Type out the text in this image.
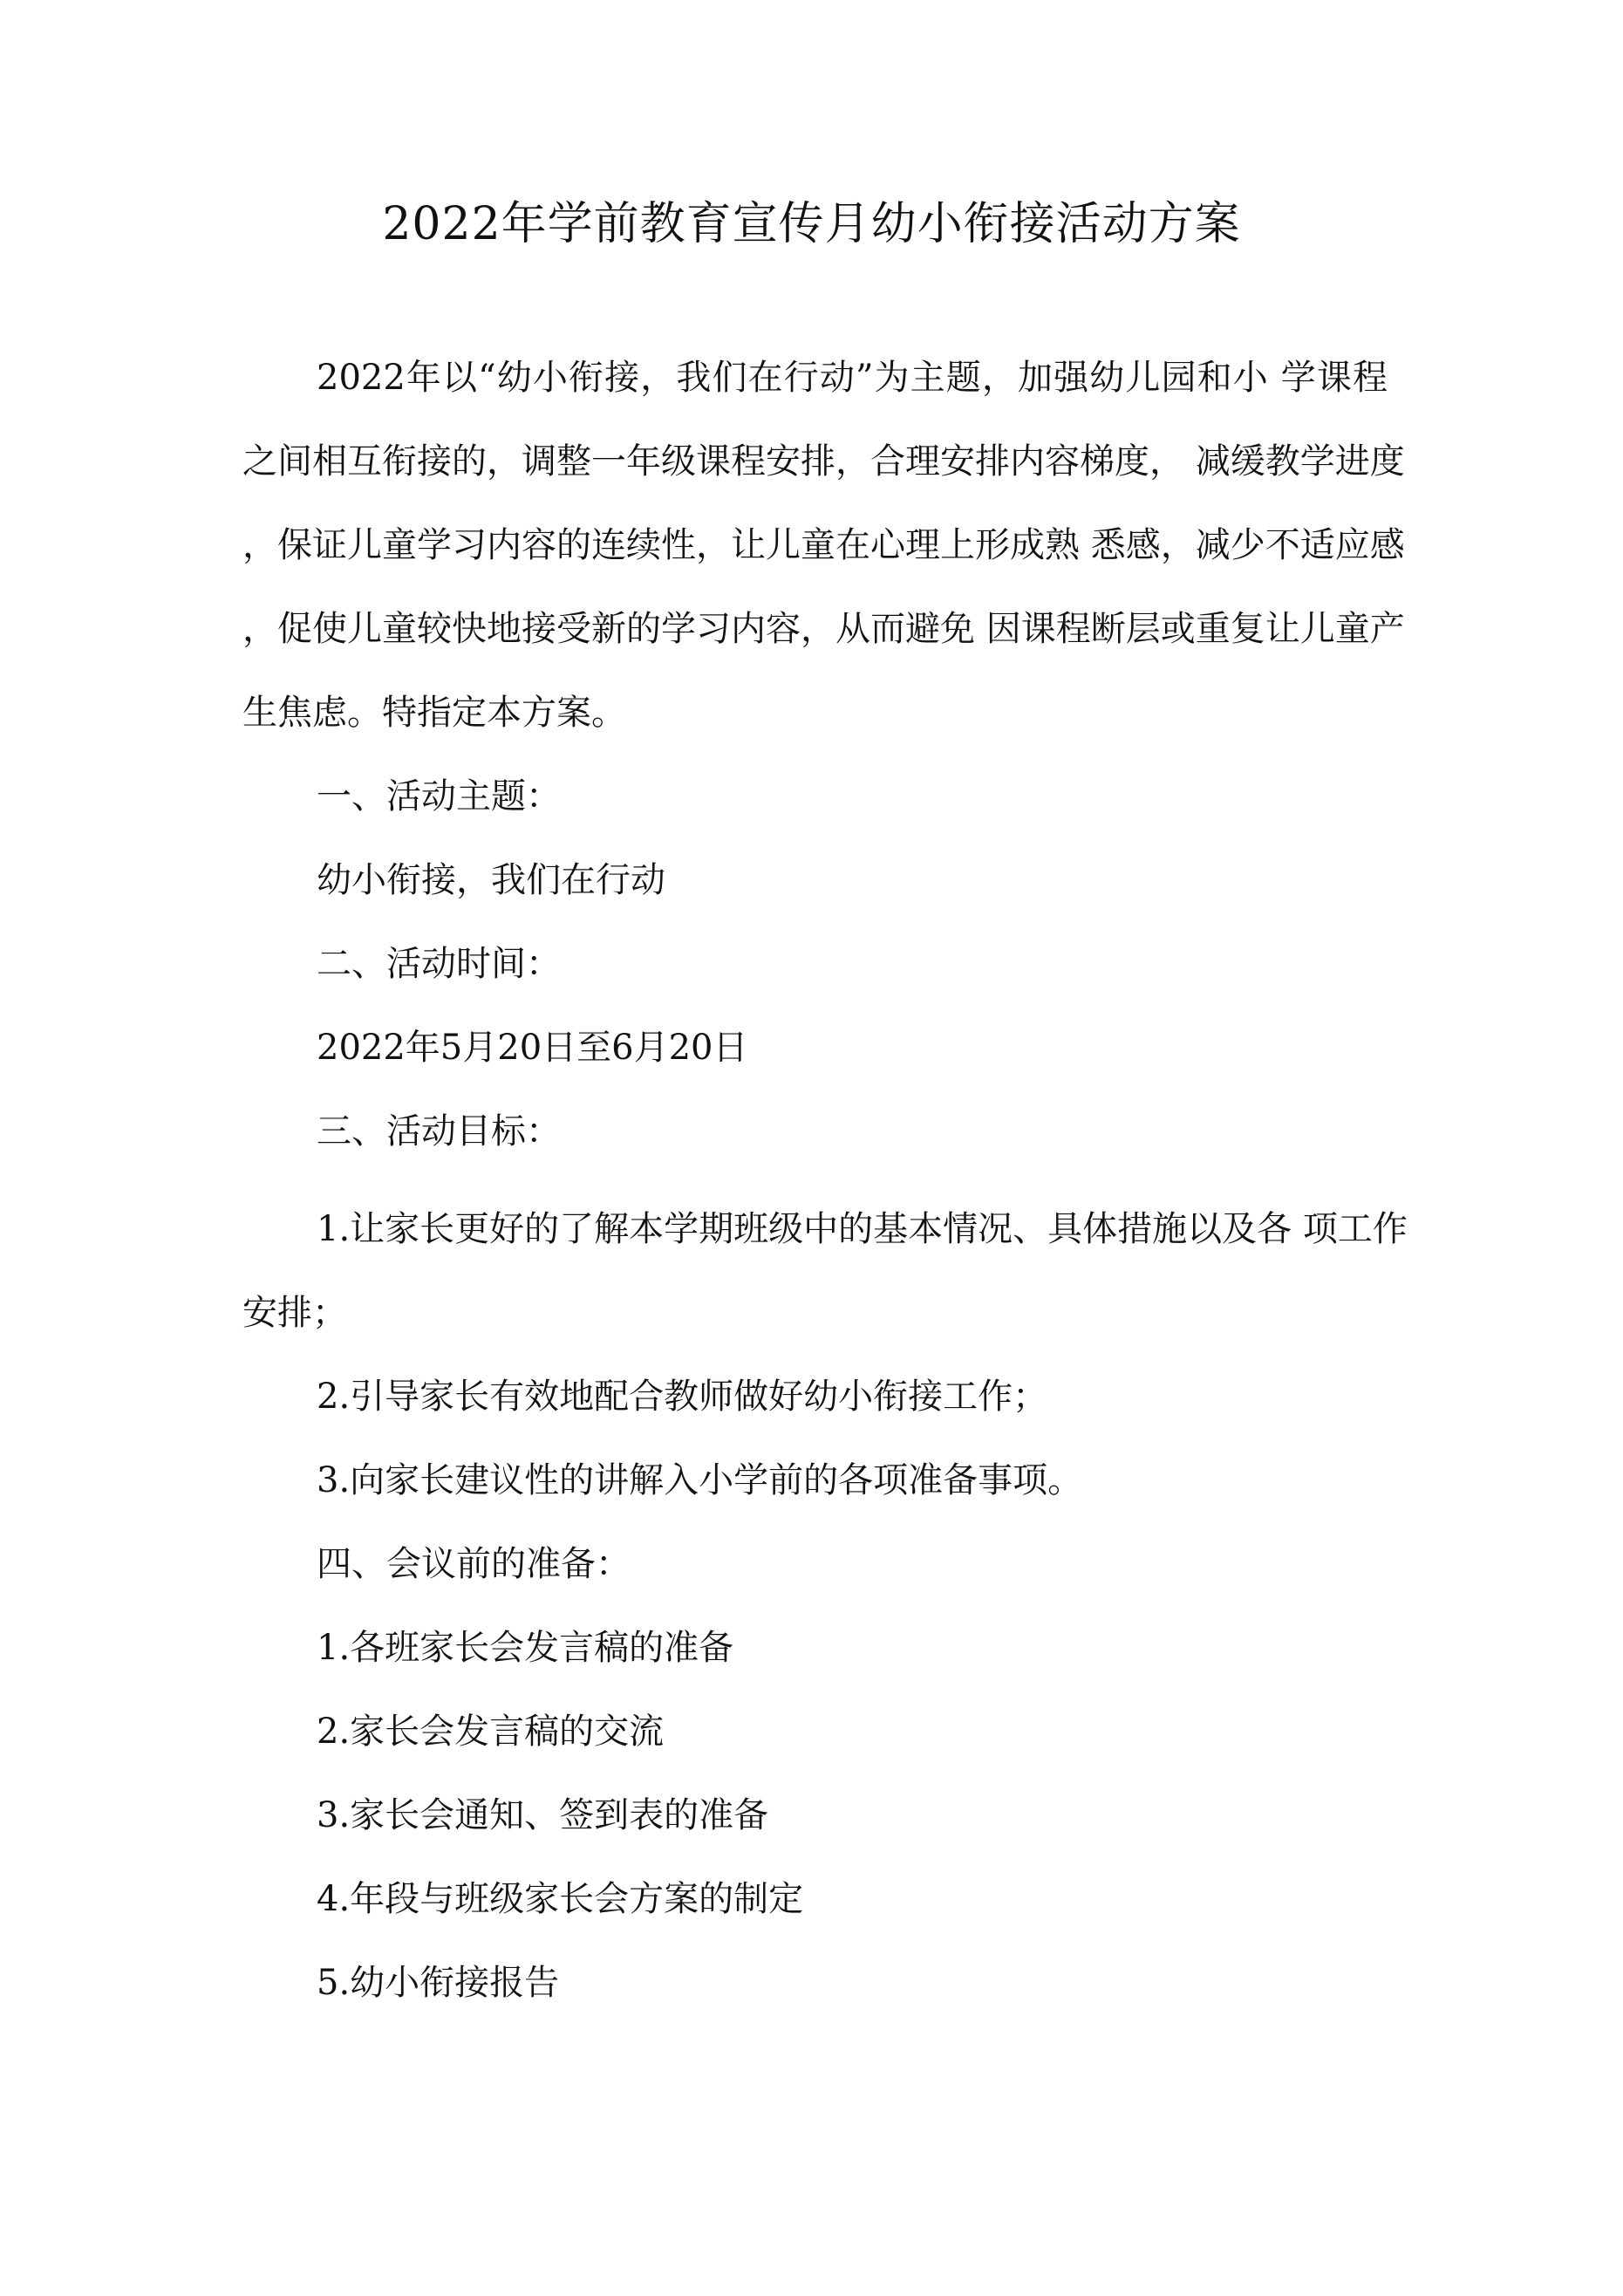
2022年学前教育宣传月幼小衔接活动方案
2022年以“幼小衔接，我们在行动”为主题，加强幼儿园和小 学课程
之间相互衔接的，调整一年级课程安排，合理安排内容梯度， 减缓教学进度
，保证儿童学习内容的连续性，让儿童在心理上形成熟 悉感，减少不适应感
，促使儿童较快地接受新的学习内容，从而避免 因课程断层或重复让儿童产
生焦虑。特指定本方案。
一、活动主题：
幼小衔接，我们在行动
二、活动时间：
2022年5月20日至6月20日
三、活动目标：
1.让家长更好的了解本学期班级中的基本情况、具体措施以及各 项工作
安排；
2.引导家长有效地配合教师做好幼小衔接工作；
3.向家长建议性的讲解入小学前的各项准备事项。
四、会议前的准备：
1.各班家长会发言稿的准备
2.家长会发言稿的交流
3.家长会通知、签到表的准备
4.年段与班级家长会方案的制定
5.幼小衔接报告
